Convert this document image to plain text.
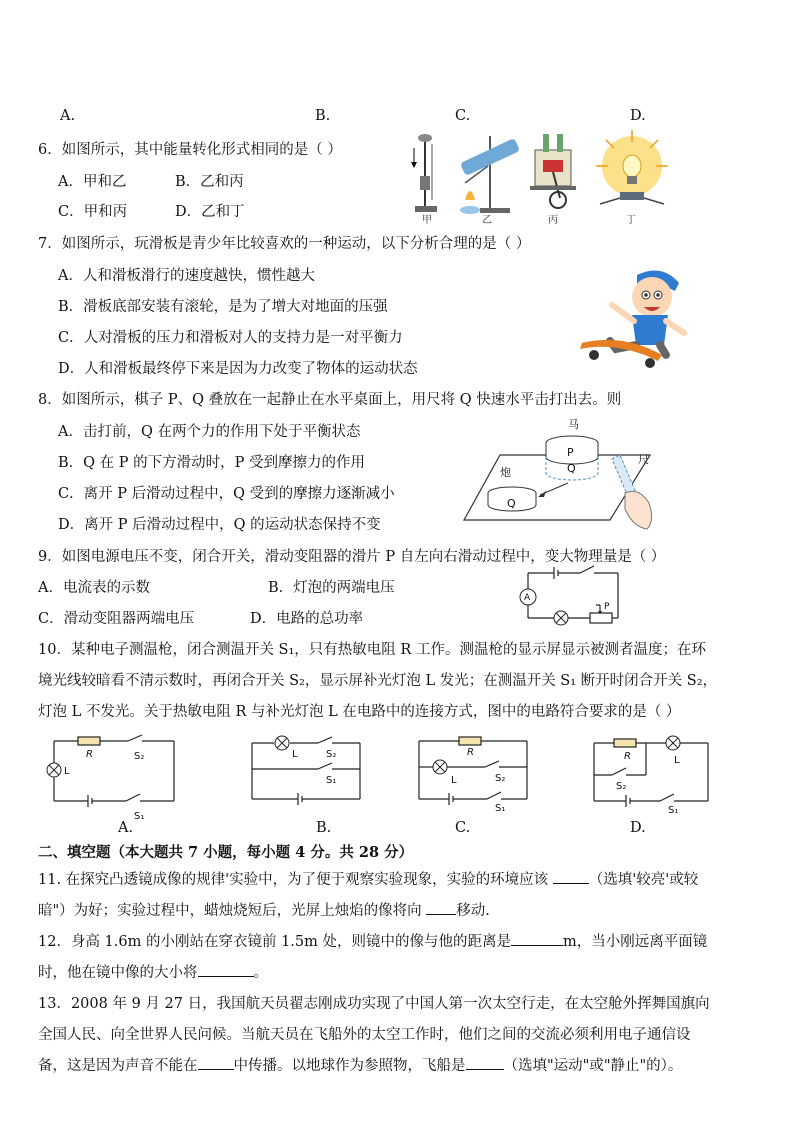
A.	B.	C.	D.
6．如图所示，其中能量转化形式相同的是（ ）
A．甲和乙	B．乙和丙
C．甲和丙	D．乙和丁
甲	乙	丙	丁
7．如图所示，玩滑板是青少年比较喜欢的一种运动，以下分析合理的是（ ）
A．人和滑板滑行的速度越快，惯性越大
B．滑板底部安装有滚轮，是为了增大对地面的压强
C．人对滑板的压力和滑板对人的支持力是一对平衡力
D．人和滑板最终停下来是因为力改变了物体的运动状态
8．如图所示，棋子 P、Q 叠放在一起静止在水平桌面上，用尺将 Q 快速水平击打出去。则
A．击打前，Q 在两个力的作用下处于平衡状态
B．Q 在 P 的下方滑动时，P 受到摩擦力的作用
C．离开 P 后滑动过程中，Q 受到的摩擦力逐渐减小
D．离开 P 后滑动过程中，Q 的运动状态保持不变
马
炮
尺
P
Q
Q
9．如图电源电压不变，闭合开关，滑动变阻器的滑片 P 自左向右滑动过程中，变大物理量是（ ）
A．电流表的示数	B．灯泡的两端电压
C．滑动变阻器两端电压	D．电路的总功率
A
P
10．某种电子测温枪，闭合测温开关 S₁，只有热敏电阻 R 工作。测温枪的显示屏显示被测者温度；在环
境光线较暗看不清示数时，再闭合开关 S₂，显示屏补光灯泡 L 发光；在测温开关 S₁ 断开时闭合开关 S₂，
灯泡 L 不发光。关于热敏电阻 R 与补光灯泡 L 在电路中的连接方式，图中的电路符合要求的是（ ）
R
L
S₂
S₁
A.
L	S₂
S₁
B.
R
L	S₂
S₁
C.
R	L
S₂
S₁
D.
二、填空题（本大题共 7 小题，每小题 4 分。共 28 分）
11. 在探究凸透镜成像的规律'实验中，为了便于观察实验现象，实验的环境应该 （选填'较亮'或较
暗"）为好；实验过程中，蜡烛烧短后，光屏上烛焰的像将向 移动.
12．身高 1.6m 的小刚站在穿衣镜前 1.5m 处，则镜中的像与他的距离是	m，当小刚远离平面镜
时，他在镜中像的大小将	。
13．2008 年 9 月 27 日，我国航天员翟志刚成功实现了中国人第一次太空行走，在太空舱外挥舞国旗向
全国人民、向全世界人民问候。当航天员在飞船外的太空工作时，他们之间的交流必须利用电子通信设
备，这是因为声音不能在 中传播。以地球作为参照物，飞船是	（选填"运动"或"静止"的）。
